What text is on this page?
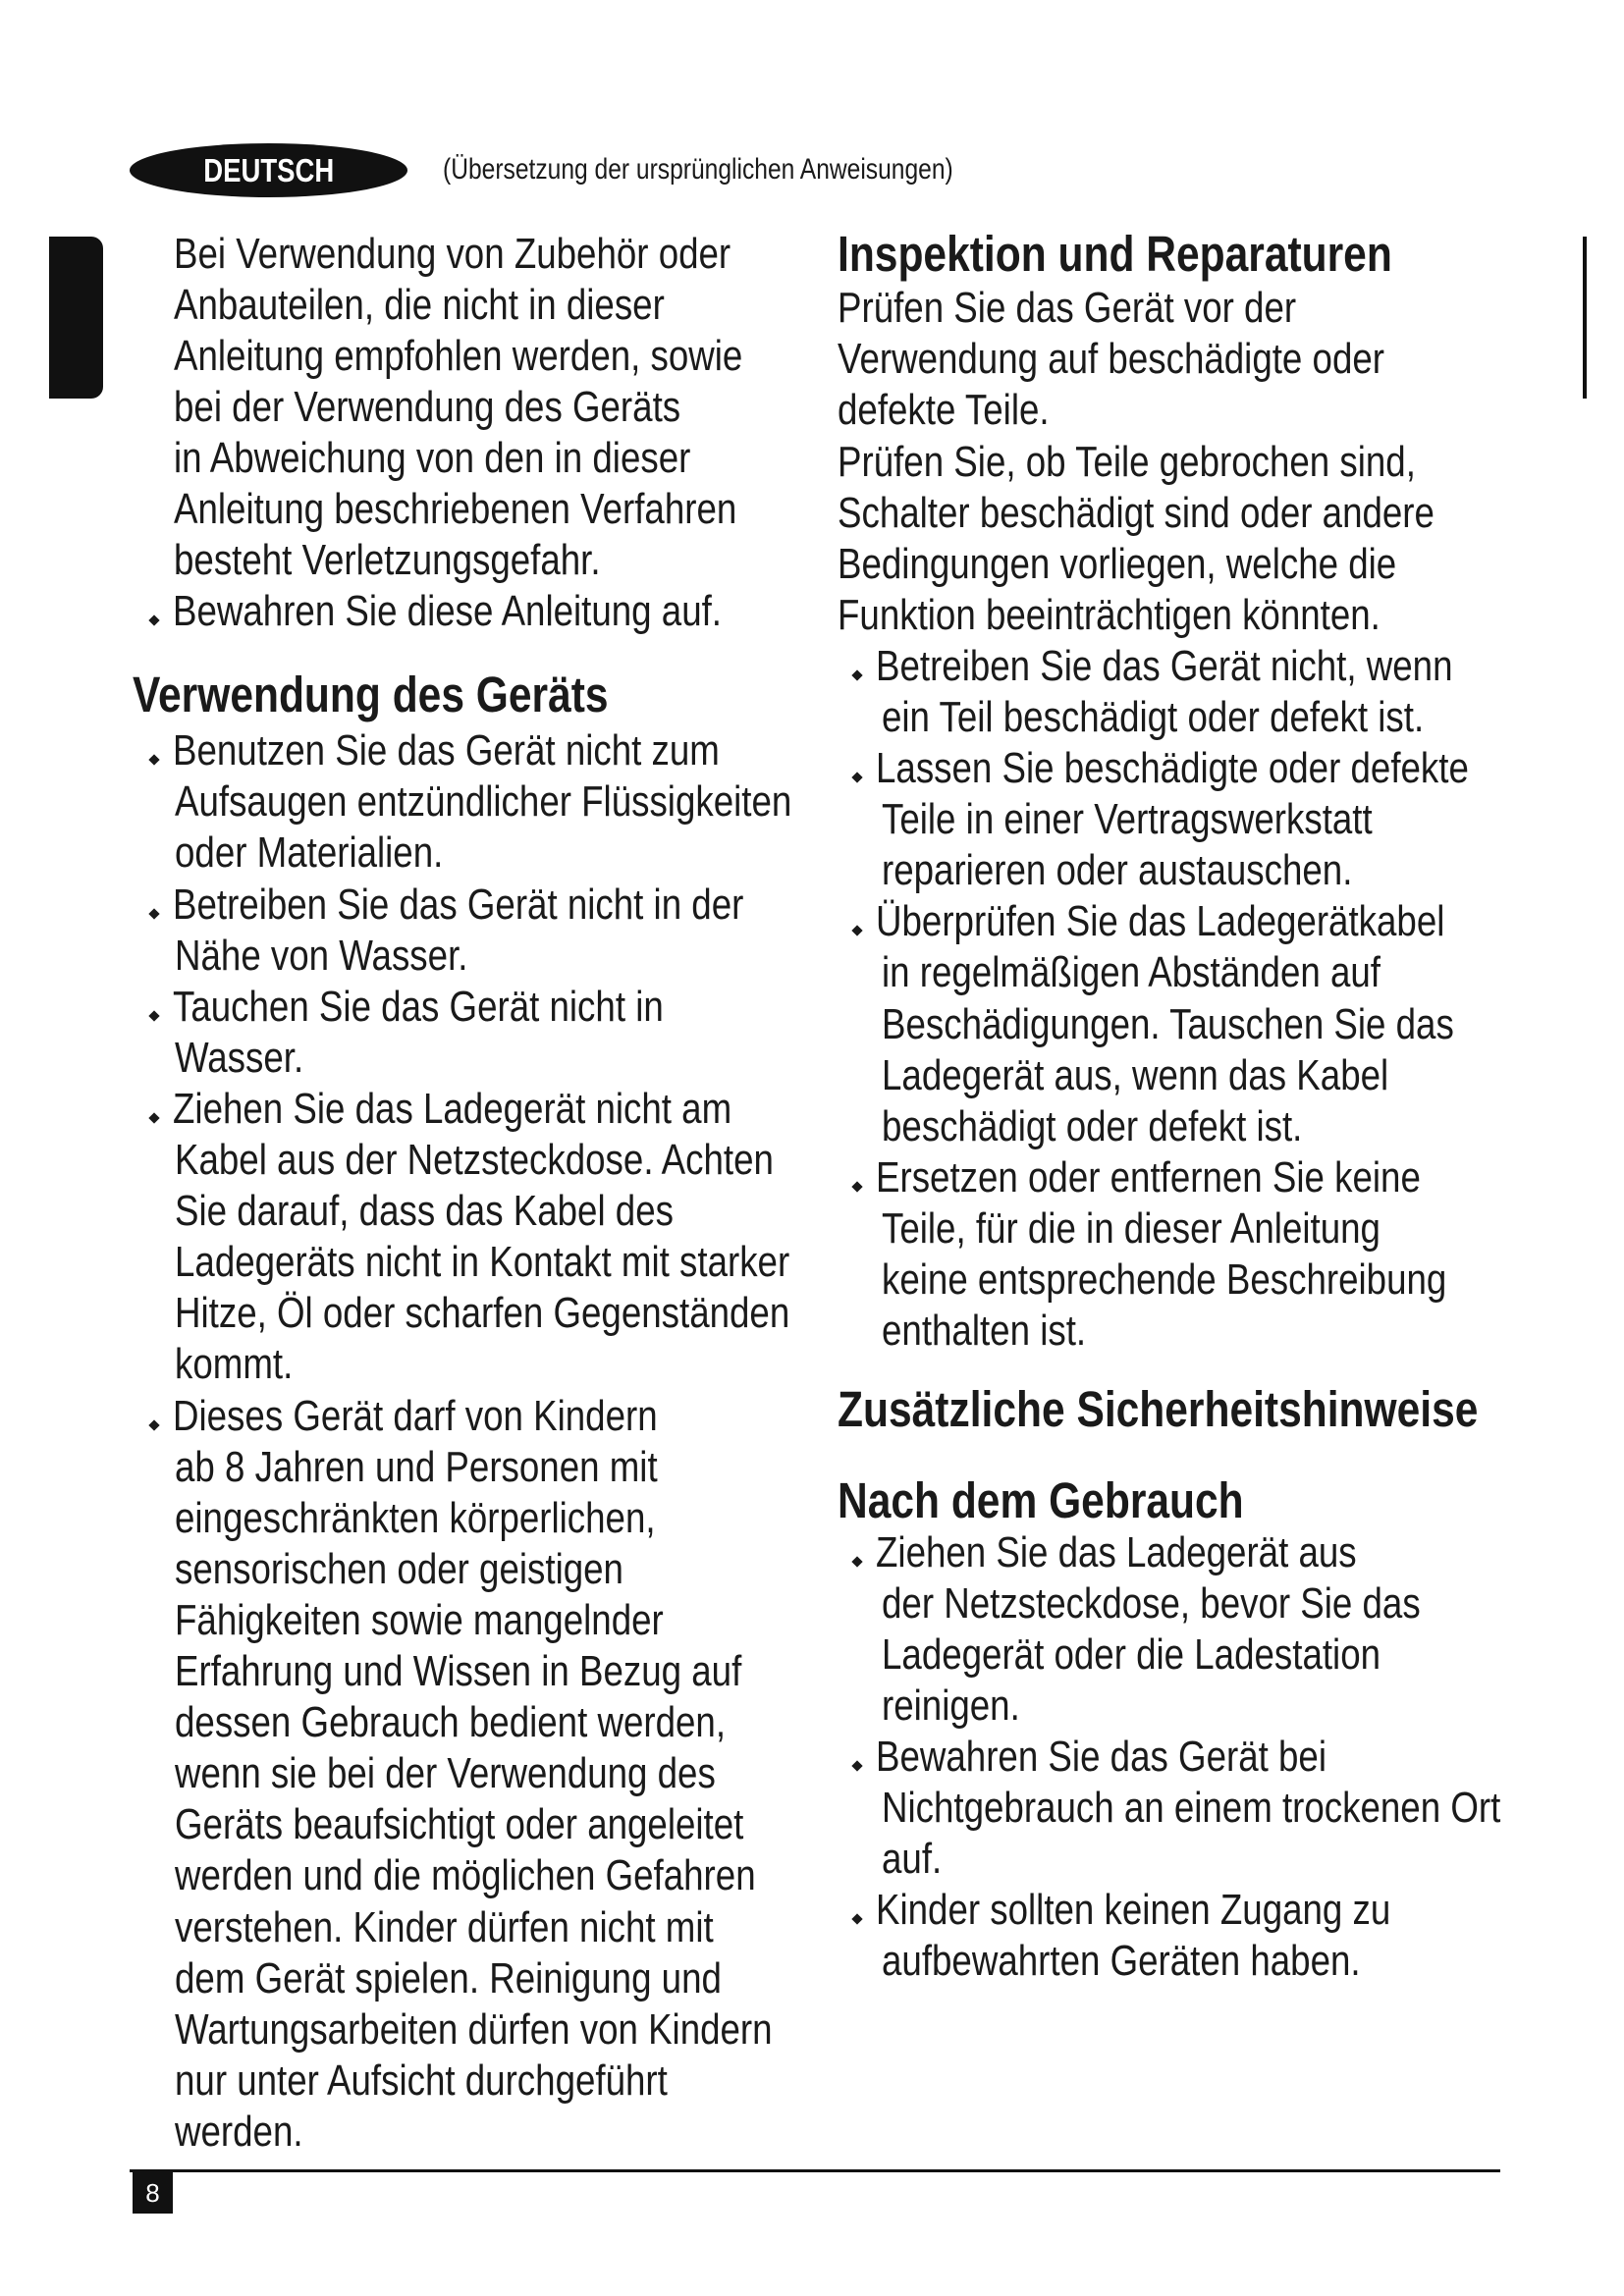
DEUTSCH	(Übersetzung der ursprünglichen Anweisungen)
Bei Verwendung von Zubehör oder
Anbauteilen, die nicht in dieser
Anleitung empfohlen werden, sowie
bei der Verwendung des Geräts
in Abweichung von den in dieser
Anleitung beschriebenen Verfahren
besteht Verletzungsgefahr.
Bewahren Sie diese Anleitung auf.
Verwendung des Geräts
Benutzen Sie das Gerät nicht zum
Aufsaugen entzündlicher Flüssigkeiten
oder Materialien.
Betreiben Sie das Gerät nicht in der
Nähe von Wasser.
Tauchen Sie das Gerät nicht in
Wasser.
Ziehen Sie das Ladegerät nicht am
Kabel aus der Netzsteckdose. Achten
Sie darauf, dass das Kabel des
Ladegeräts nicht in Kontakt mit starker
Hitze, Öl oder scharfen Gegenständen
kommt.
Dieses Gerät darf von Kindern
ab 8 Jahren und Personen mit
eingeschränkten körperlichen,
sensorischen oder geistigen
Fähigkeiten sowie mangelnder
Erfahrung und Wissen in Bezug auf
dessen Gebrauch bedient werden,
wenn sie bei der Verwendung des
Geräts beaufsichtigt oder angeleitet
werden und die möglichen Gefahren
verstehen. Kinder dürfen nicht mit
dem Gerät spielen. Reinigung und
Wartungsarbeiten dürfen von Kindern
nur unter Aufsicht durchgeführt
werden.
Inspektion und Reparaturen
Prüfen Sie das Gerät vor der
Verwendung auf beschädigte oder
defekte Teile.
Prüfen Sie, ob Teile gebrochen sind,
Schalter beschädigt sind oder andere
Bedingungen vorliegen, welche die
Funktion beeinträchtigen könnten.
Betreiben Sie das Gerät nicht, wenn
ein Teil beschädigt oder defekt ist.
Lassen Sie beschädigte oder defekte
Teile in einer Vertragswerkstatt
reparieren oder austauschen.
Überprüfen Sie das Ladegerätkabel
in regelmäßigen Abständen auf
Beschädigungen. Tauschen Sie das
Ladegerät aus, wenn das Kabel
beschädigt oder defekt ist.
Ersetzen oder entfernen Sie keine
Teile, für die in dieser Anleitung
keine entsprechende Beschreibung
enthalten ist.
Zusätzliche Sicherheitshinweise
Nach dem Gebrauch
Ziehen Sie das Ladegerät aus
der Netzsteckdose, bevor Sie das
Ladegerät oder die Ladestation
reinigen.
Bewahren Sie das Gerät bei
Nichtgebrauch an einem trockenen Ort
auf.
Kinder sollten keinen Zugang zu
aufbewahrten Geräten haben.
8
